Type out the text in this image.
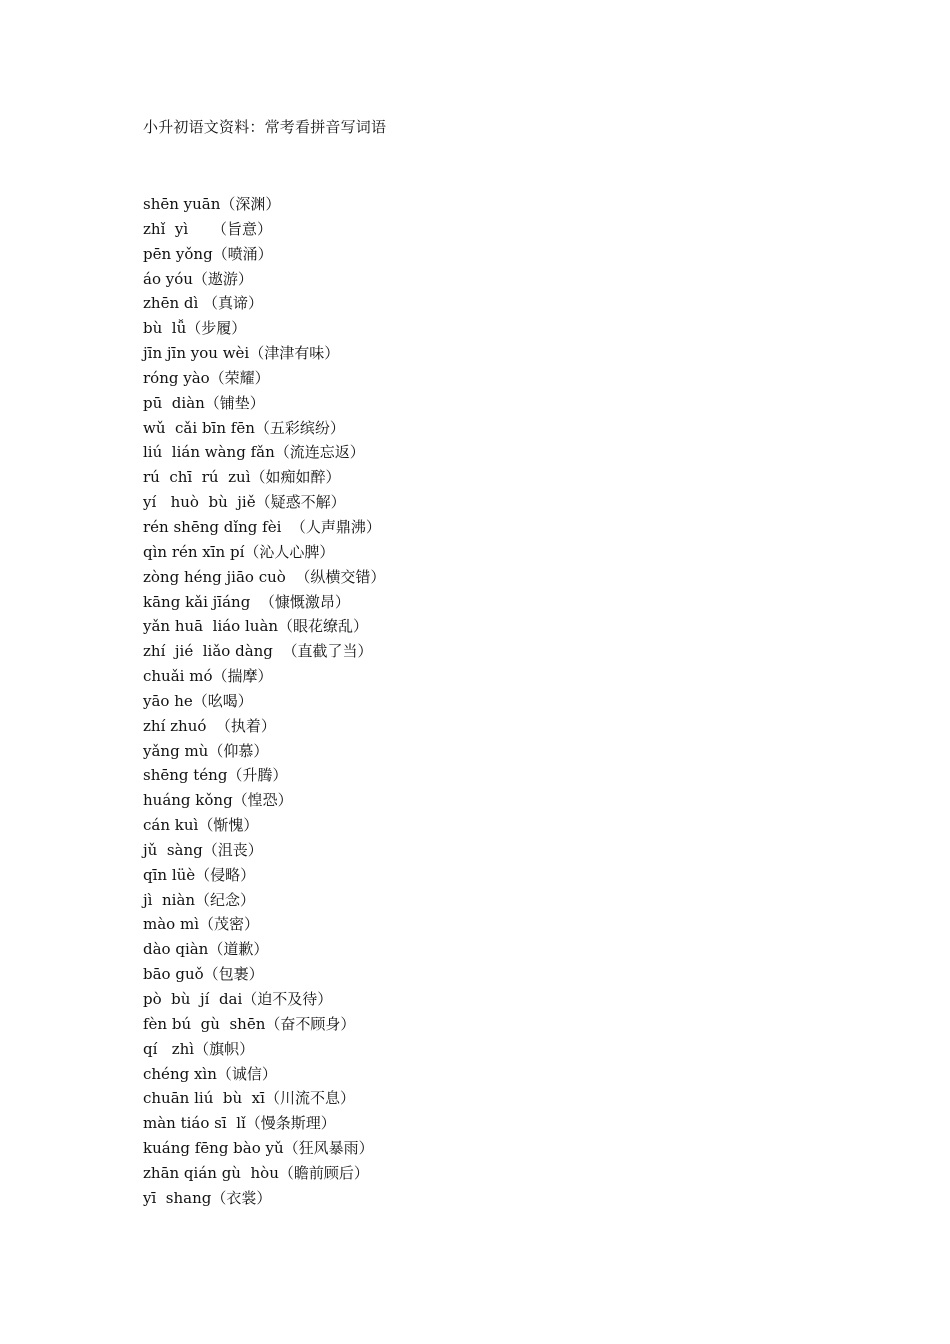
小升初语文资料：常考看拼音写词语
shēn yuān（深渊）
zhǐ  yì     （旨意）
pēn yǒng（喷涌）
áo yóu（遨游）
zhēn dì （真谛）
bù  lǚ（步履）
jīn jīn you wèi（津津有味）
róng yào（荣耀）
pū  diàn（铺垫）
wǔ  cǎi bīn fēn（五彩缤纷）
liú  lián wàng fǎn（流连忘返）
rú  chī  rú  zuì（如痴如醉）
yí   huò  bù  jiě（疑惑不解）
rén shēng dǐng fèi  （人声鼎沸）
qìn rén xīn pí（沁人心脾）
zòng héng jiāo cuò  （纵横交错）
kāng kǎi jīáng  （慷慨激昂）
yǎn huā  liáo luàn（眼花缭乱）
zhí  jié  liǎo dàng  （直截了当）
chuǎi mó（揣摩）
yāo he（吆喝）
zhí zhuó  （执着）
yǎng mù（仰慕）
shēng téng（升腾）
huáng kǒng（惶恐）
cán kuì（惭愧）
jǔ  sàng（沮丧）
qīn lüè（侵略）
jì  niàn（纪念）
mào mì（茂密）
dào qiàn（道歉）
bāo guǒ（包裹）
pò  bù  jí  dai（迫不及待）
fèn bú  gù  shēn（奋不顾身）
qí   zhì（旗帜）
chéng xìn（诚信）
chuān liú  bù  xī（川流不息）
màn tiáo sī  lǐ（慢条斯理）
kuáng fēng bào yǔ（狂风暴雨）
zhān qián gù  hòu（瞻前顾后）
yī  shang（衣裳）
